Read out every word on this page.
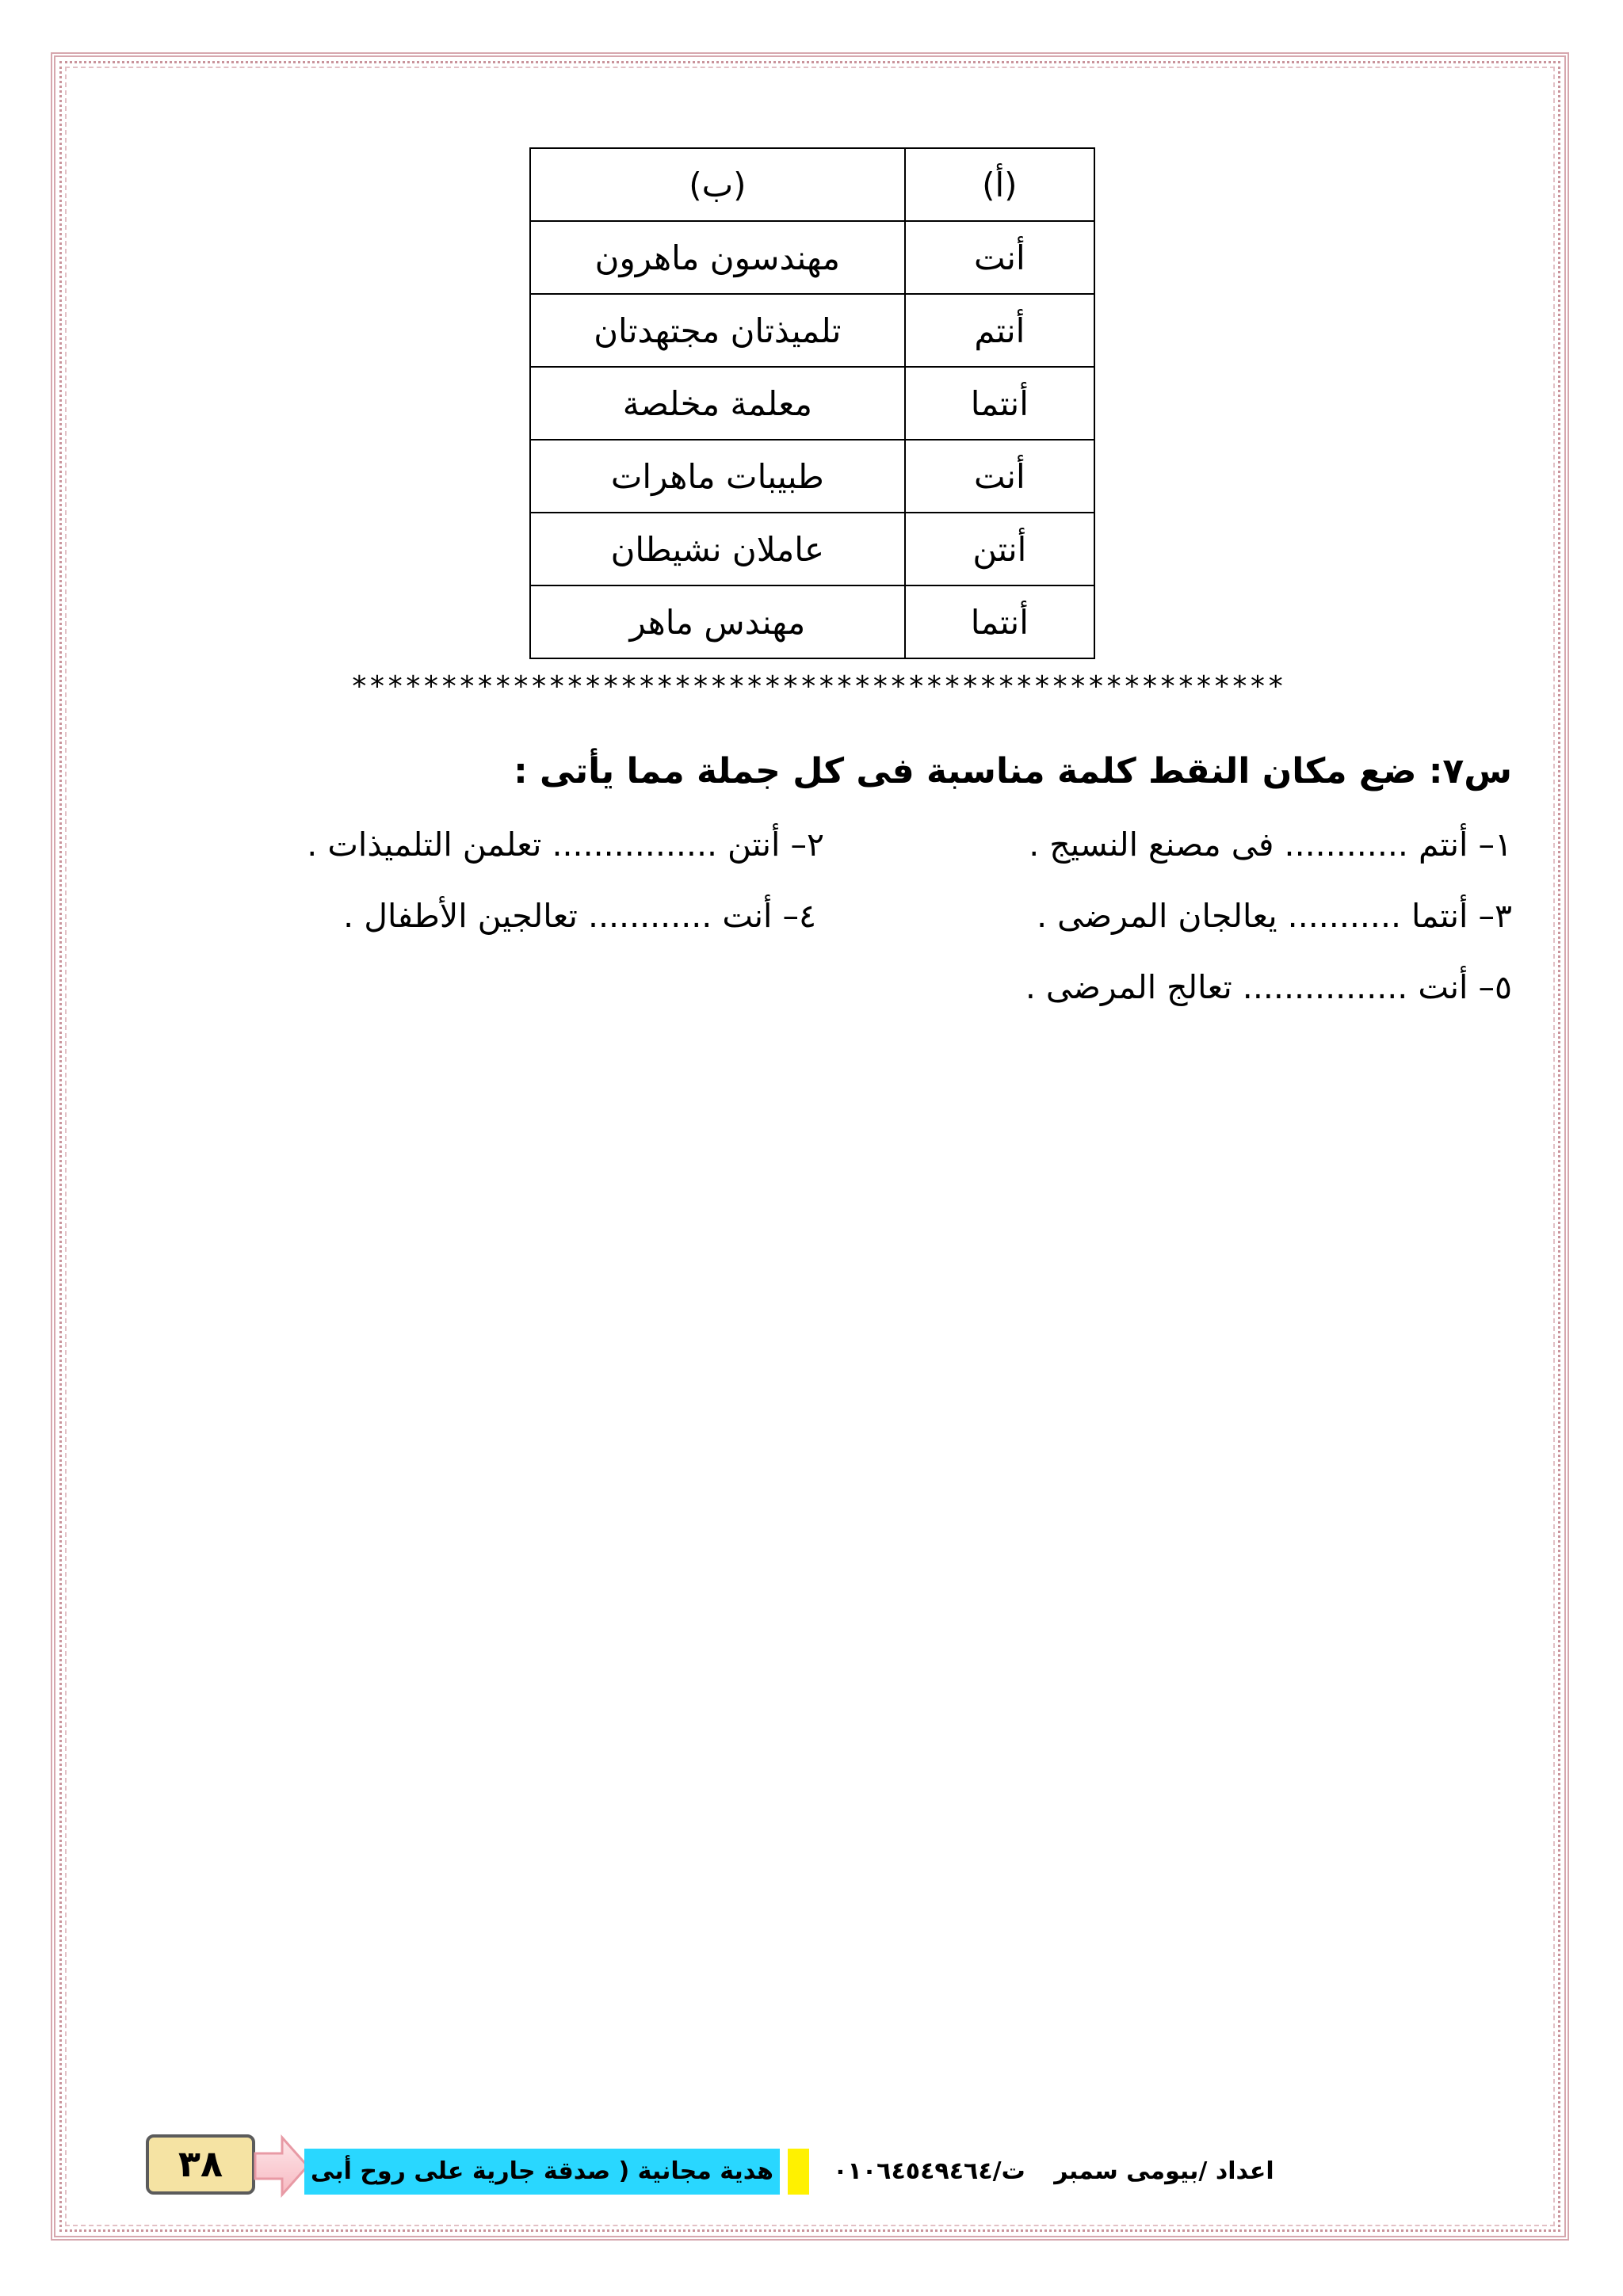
(أ)	(ب)
أنت	مهندسون ماهرون
أنتم	تلميذتان مجتهدتان
أنتما	معلمة مخلصة
أنت	طبيبات ماهرات
أنتن	عاملان نشيطان
أنتما	مهندس ماهر
****************************************************
س٧: ضع مكان النقط كلمة مناسبة فى كل جملة مما يأتى :
١– أنتم ............ فى مصنع النسيج .
٢– أنتن ................ تعلمن التلميذات .
٣– أنتما ........... يعالجان المرضى .
٤– أنت ............ تعالجين الأطفال .
٥– أنت ................ تعالج المرضى .
٣٨	اعداد /بيومى سمبر ت/٠١٠٦٤٥٤٩٤٦٤   هدية مجانية ( صدقة جارية على روح أبى
